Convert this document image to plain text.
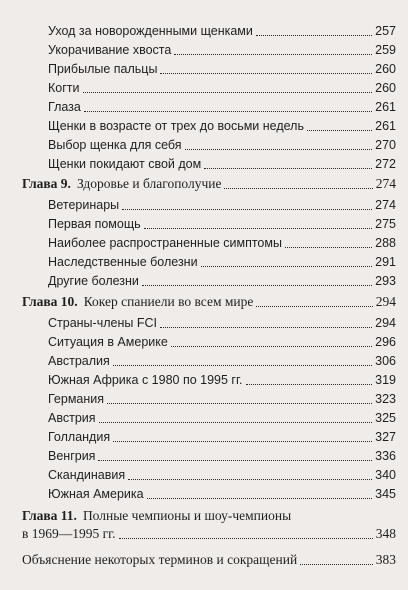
Уход за новорожденными щенками	257
Укорачивание хвоста	259
Прибылые пальцы	260
Когти	260
Глаза	261
Щенки в возрасте от трех до восьми недель	261
Выбор щенка для себя	270
Щенки покидают свой дом	272
Глава 9. Здоровье и благополучие	274
Ветеринары	274
Первая помощь	275
Наиболее распространенные симптомы	288
Наследственные болезни	291
Другие болезни	293
Глава 10. Кокер спаниели во всем мире	294
Страны-члены FCI	294
Ситуация в Америке	296
Австралия	306
Южная Африка с 1980 по 1995 гг.	319
Германия	323
Австрия	325
Голландия	327
Венгрия	336
Скандинавия	340
Южная Америка	345
Глава 11. Полные чемпионы и шоу-чемпионы
в 1969—1995 гг.	348
Объяснение некоторых терминов и сокращений	383
